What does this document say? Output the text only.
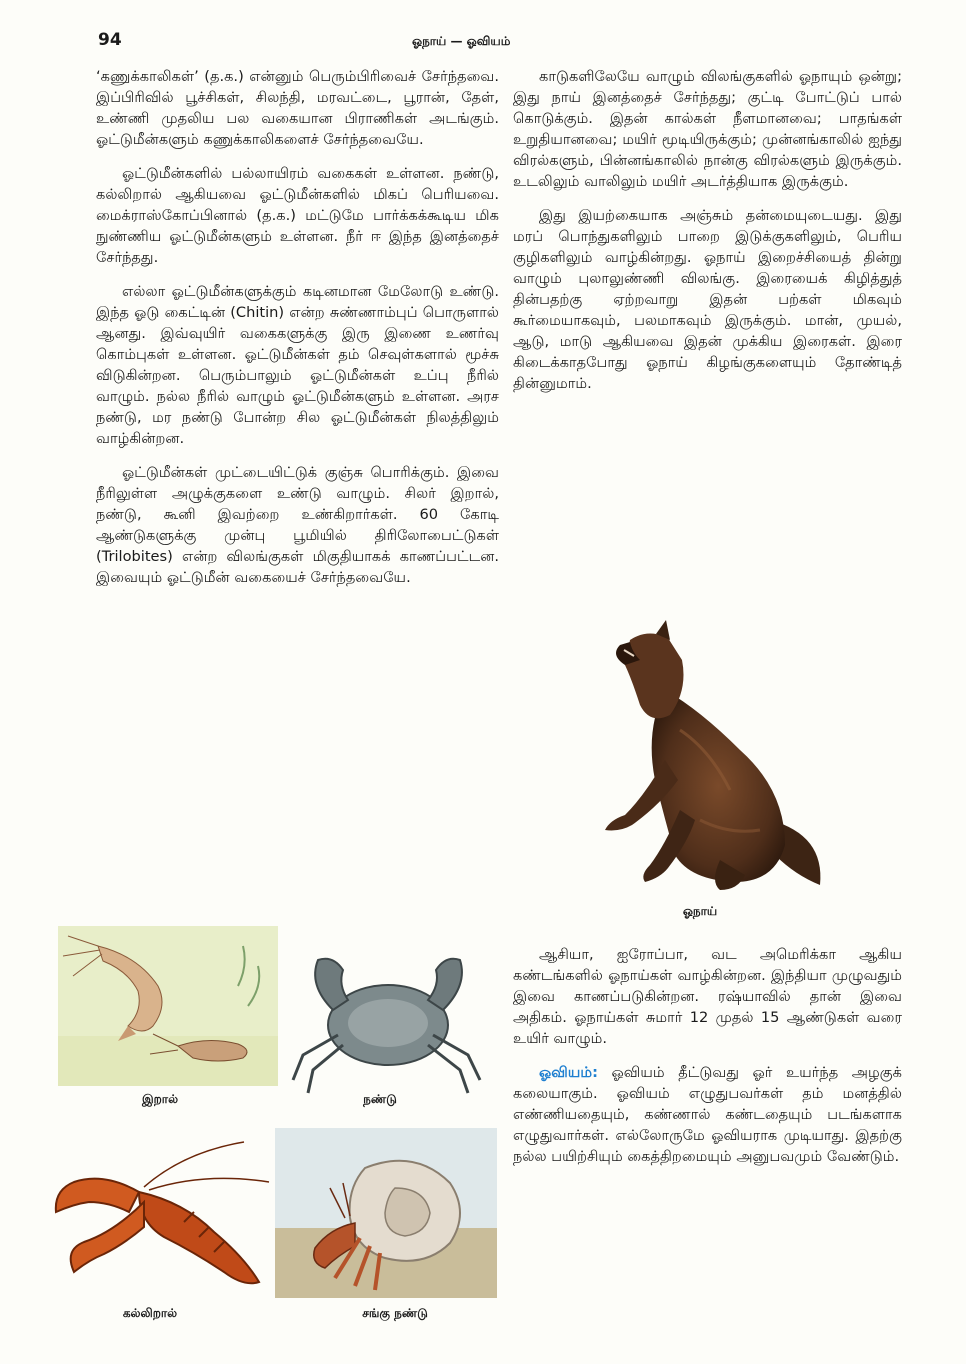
94	ஓநாய் — ஓவியம்

‘கணுக்காலிகள்’ (த.க.) என்னும் பெரும்பிரிவைச் சேர்ந்தவை. இப்பிரிவில் பூச்சிகள், சிலந்தி, மரவட்டை, பூரான், தேள், உண்ணி முதலிய பல வகையான பிராணிகள் அடங்கும். ஓட்டுமீன்களும் கணுக்காலிகளைச் சேர்ந்தவையே.

ஓட்டுமீன்களில் பல்லாயிரம் வகைகள் உள்ளன. நண்டு, கல்லிறால் ஆகியவை ஓட்டுமீன்களில் மிகப் பெரியவை. மைக்ராஸ்கோப்பினால் (த.க.) மட்டுமே பார்க்கக்கூடிய மிக நுண்ணிய ஓட்டுமீன்களும் உள்ளன. நீர் ஈ இந்த இனத்தைச் சேர்ந்தது.

எல்லா ஓட்டுமீன்களுக்கும் கடினமான மேலோடு உண்டு. இந்த ஓடு கைட்டின் (Chitin) என்ற சுண்ணாம்புப் பொருளால் ஆனது. இவ்வுயிர் வகைகளுக்கு இரு இணை உணர்வு கொம்புகள் உள்ளன. ஓட்டுமீன்கள் தம் செவுள்களால் மூச்சு விடுகின்றன. பெரும்பாலும் ஓட்டுமீன்கள் உப்பு நீரில் வாழும். நல்ல நீரில் வாழும் ஓட்டுமீன்களும் உள்ளன. அரச நண்டு, மர நண்டு போன்ற சில ஓட்டுமீன்கள் நிலத்திலும் வாழ்கின்றன.

ஓட்டுமீன்கள் முட்டையிட்டுக் குஞ்சு பொரிக்கும். இவை நீரிலுள்ள அழுக்குகளை உண்டு வாழும். சிலர் இறால், நண்டு, கூனி இவற்றை உண்கிறார்கள். 60 கோடி ஆண்டுகளுக்கு முன்பு பூமியில் திரிலோபைட்டுகள் (Trilobites) என்ற விலங்குகள் மிகுதியாகக் காணப்பட்டன. இவையும் ஓட்டுமீன் வகையைச் சேர்ந்தவையே.

காடுகளிலேயே வாழும் விலங்குகளில் ஓநாயும் ஒன்று; இது நாய் இனத்தைச் சேர்ந்தது; குட்டி போட்டுப் பால் கொடுக்கும். இதன் கால்கள் நீளமானவை; பாதங்கள் உறுதியானவை; மயிர் மூடியிருக்கும்; முன்னங்காலில் ஐந்து விரல்களும், பின்னங்காலில் நான்கு விரல்களும் இருக்கும். உடலிலும் வாலிலும் மயிர் அடர்த்தியாக இருக்கும்.

இது இயற்கையாக அஞ்சும் தன்மையுடையது. இது மரப் பொந்துகளிலும் பாறை இடுக்குகளிலும், பெரிய குழிகளிலும் வாழ்கின்றது. ஓநாய் இறைச்சியைத் தின்று வாழும் புலாலுண்ணி விலங்கு. இரையைக் கிழித்துத் தின்பதற்கு ஏற்றவாறு இதன் பற்கள் மிகவும் கூர்மையாகவும், பலமாகவும் இருக்கும். மான், முயல், ஆடு, மாடு ஆகியவை இதன் முக்கிய இரைகள். இரை கிடைக்காதபோது ஓநாய் கிழங்குகளையும் தோண்டித் தின்னுமாம்.

ஓநாய்

ஆசியா, ஐரோப்பா, வட அமெரிக்கா ஆகிய கண்டங்களில் ஓநாய்கள் வாழ்கின்றன. இந்தியா முழுவதும் இவை காணப்படுகின்றன. ரஷ்யாவில் தான் இவை அதிகம். ஓநாய்கள் சுமார் 12 முதல் 15 ஆண்டுகள் வரை உயிர் வாழும்.

ஓவியம்: ஓவியம் தீட்டுவது ஓர் உயர்ந்த அழகுக் கலையாகும். ஓவியம் எழுதுபவர்கள் தம் மனத்தில் எண்ணியதையும், கண்ணால் கண்டதையும் படங்களாக எழுதுவார்கள். எல்லோருமே ஓவியராக முடியாது. இதற்கு நல்ல பயிற்சியும் கைத்திறமையும் அனுபவமும் வேண்டும்.

இறால்	நண்டு
கல்லிறால்	சங்கு நண்டு
